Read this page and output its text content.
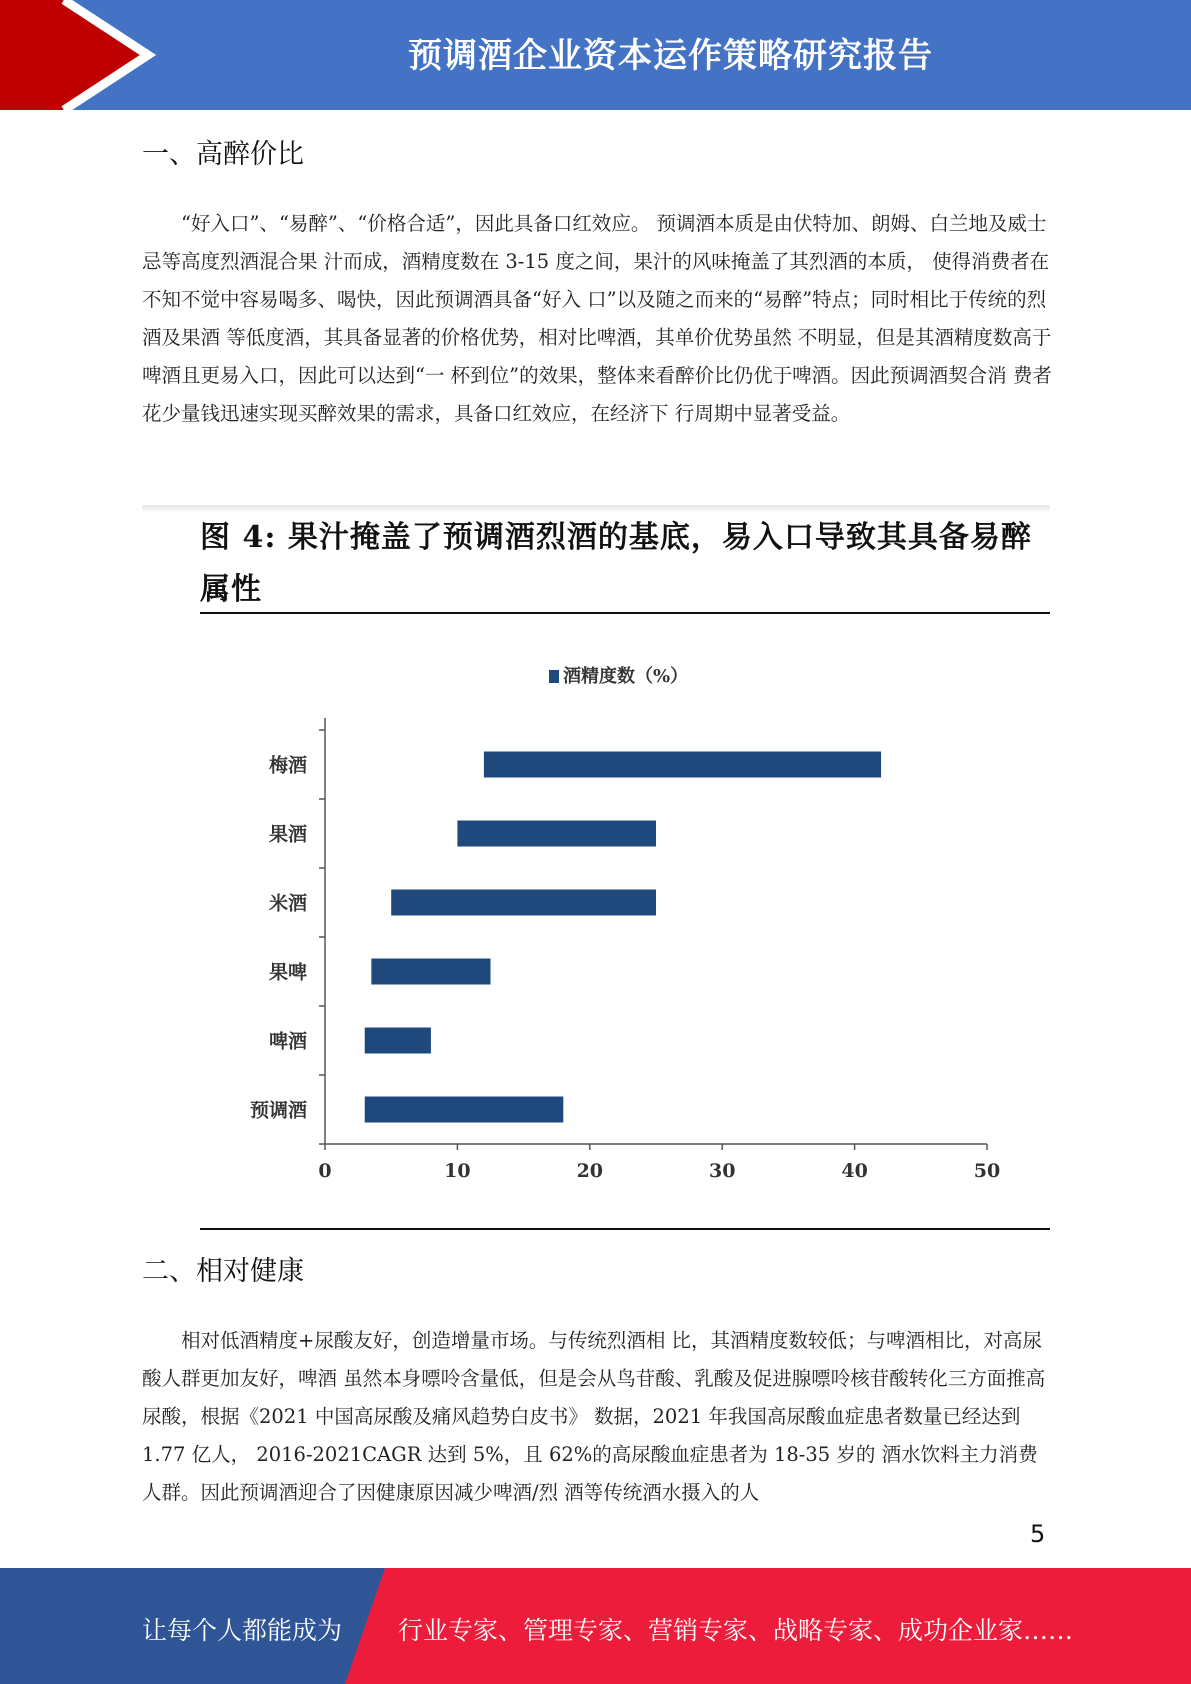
预调酒企业资本运作策略研究报告
一、高醉价比

“好入口”、“易醉”、“价格合适”，因此具备口红效应。 预调酒本质是由伏特加、朗姆、白兰地及威士忌等高度烈酒混合果 汁而成，酒精度数在 3-15 度之间，果汁的风味掩盖了其烈酒的本质， 使得消费者在不知不觉中容易喝多、喝快，因此预调酒具备“好入 口”以及随之而来的“易醉”特点；同时相比于传统的烈酒及果酒 等低度酒，其具备显著的价格优势，相对比啤酒，其单价优势虽然 不明显，但是其酒精度数高于啤酒且更易入口，因此可以达到“一 杯到位”的效果，整体来看醉价比仍优于啤酒。因此预调酒契合消 费者花少量钱迅速实现买醉效果的需求，具备口红效应，在经济下 行周期中显著受益。

图 4: 果汁掩盖了预调酒烈酒的基底，易入口导致其具备易醉属性
酒精度数（%）
梅酒
果酒
米酒
果啤
啤酒
预调酒
0	10	20	30	40	50
二、相对健康

相对低酒精度+尿酸友好，创造增量市场。与传统烈酒相 比，其酒精度数较低；与啤酒相比，对高尿酸人群更加友好，啤酒 虽然本身嘌呤含量低，但是会从鸟苷酸、乳酸及促进腺嘌呤核苷酸转化三方面推高尿酸，根据《2021 中国高尿酸及痛风趋势白皮书》 数据，2021 年我国高尿酸血症患者数量已经达到 1.77 亿人， 2016-2021CAGR 达到 5%，且 62%的高尿酸血症患者为 18-35 岁的 酒水饮料主力消费人群。因此预调酒迎合了因健康原因减少啤酒/烈 酒等传统酒水摄入的人

5
让每个人都能成为 行业专家、管理专家、营销专家、战略专家、成功企业家……
